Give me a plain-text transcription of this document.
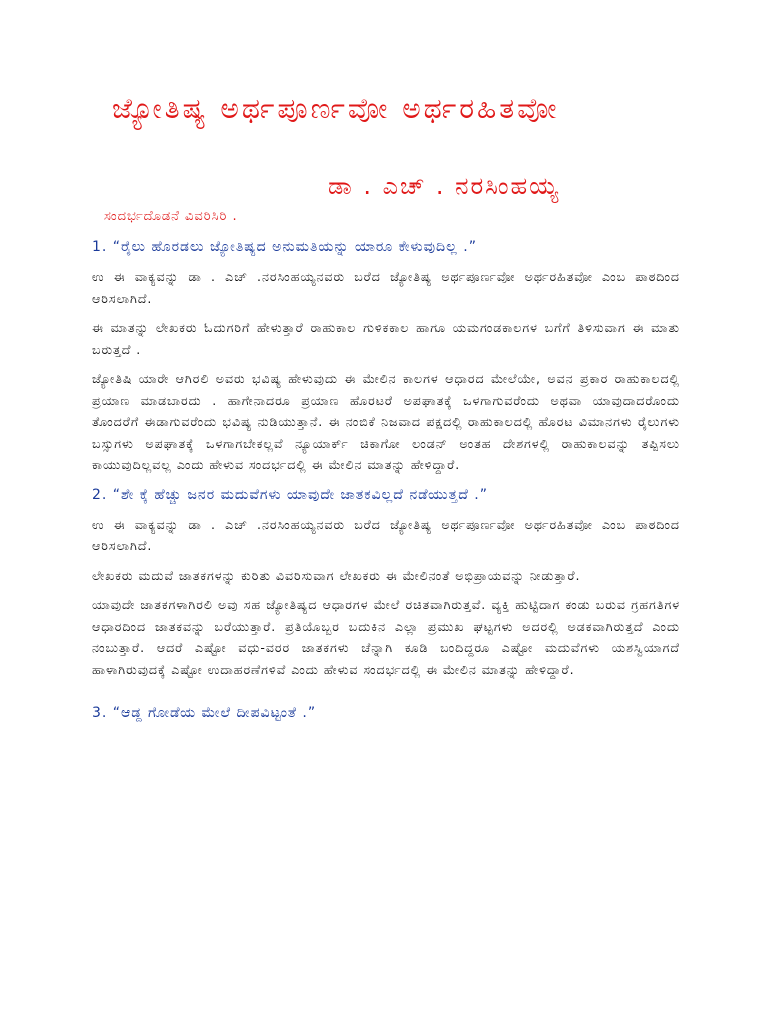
ಜ್ಯೋತಿಷ್ಯ ಅರ್ಥಪೂರ್ಣವೋ ಅರ್ಥರಹಿತವೋ
ಡಾ . ಎಚ್ . ನರಸಿಂಹಯ್ಯ
ಸಂದರ್ಭದೊಡನೆ ವಿವರಿಸಿರಿ .
1. “ರೈಲು ಹೊರಡಲು ಜ್ಯೋತಿಷ್ಯದ ಅನುಮತಿಯನ್ನು ಯಾರೂ ಕೇಳುವುದಿಲ್ಲ .”

ಉ ಈ ವಾಕ್ಯವನ್ನು ಡಾ . ಎಚ್ .ನರಸಿಂಹಯ್ಯನವರು ಬರೆದ ಜ್ಯೋತಿಷ್ಯ ಅರ್ಥಪೂರ್ಣವೋ ಅರ್ಥರಹಿತವೋ ಎಂಬ ಪಾಠದಿಂದ ಆರಿಸಲಾಗಿದೆ.

ಈ ಮಾತನ್ನು ಲೇಖಕರು ಓದುಗರಿಗೆ ಹೇಳುತ್ತಾರೆ ರಾಹುಕಾಲ ಗುಳಿಕಕಾಲ ಹಾಗೂ ಯಮಗಂಡಕಾಲಗಳ ಬಗೆಗೆ ತಿಳಿಸುವಾಗ ಈ ಮಾತು ಬರುತ್ತದೆ .

ಜ್ಯೋತಿಷಿ ಯಾರೇ ಆಗಿರಲಿ ಅವರು ಭವಿಷ್ಯ ಹೇಳುವುದು ಈ ಮೇಲಿನ ಕಾಲಗಳ ಆಧಾರದ ಮೇಲೆಯೇ, ಅವನ ಪ್ರಕಾರ ರಾಹುಕಾಲದಲ್ಲಿ ಪ್ರಯಾಣ ಮಾಡಬಾರದು . ಹಾಗೇನಾದರೂ ಪ್ರಯಾಣ ಹೊರಟರೆ ಅಪಘಾತಕ್ಕೆ ಒಳಗಾಗುವರೆಂದು ಅಥವಾ ಯಾವುದಾದರೊಂದು ತೊಂದರೆಗೆ ಈಡಾಗುವರೆಂದು ಭವಿಷ್ಯ ನುಡಿಯುತ್ತಾನೆ. ಈ ನಂಬಿಕೆ ನಿಜವಾದ ಪಕ್ಷದಲ್ಲಿ ರಾಹುಕಾಲದಲ್ಲಿ ಹೊರಟ ವಿಮಾನಗಳು ರೈಲುಗಳು ಬಸ್ಸುಗಳು ಅಪಘಾತಕ್ಕೆ ಒಳಗಾಗಬೇಕಲ್ಲವೆ ನ್ಯೂಯಾರ್ಕ್ ಚಿಕಾಗೋ ಲಂಡನ್ ಅಂತಹ ದೇಶಗಳಲ್ಲಿ ರಾಹುಕಾಲವನ್ನು ತಪ್ಪಿಸಲು ಕಾಯುವುದಿಲ್ಲವಲ್ಲ ಎಂದು ಹೇಳುವ ಸಂದರ್ಭದಲ್ಲಿ ಈ ಮೇಲಿನ ಮಾತನ್ನು ಹೇಳಿದ್ದಾರೆ.

2. “ಶೇ ಕ್ಕೆ ಹೆಚ್ಚು ಜನರ ಮದುವೆಗಳು ಯಾವುದೇ ಜಾತಕವಿಲ್ಲದೆ ನಡೆಯುತ್ತದೆ .”

ಉ ಈ ವಾಕ್ಯವನ್ನು ಡಾ . ಎಚ್ .ನರಸಿಂಹಯ್ಯನವರು ಬರೆದ ಜ್ಯೋತಿಷ್ಯ ಅರ್ಥಪೂರ್ಣವೋ ಅರ್ಥರಹಿತವೋ ಎಂಬ ಪಾಠದಿಂದ ಆರಿಸಲಾಗಿದೆ.

ಲೇಖಕರು ಮದುವೆ ಜಾತಕಗಳನ್ನು ಕುರಿತು ವಿವರಿಸುವಾಗ ಲೇಖಕರು ಈ ಮೇಲಿನಂತೆ ಅಭಿಪ್ರಾಯವನ್ನು ನೀಡುತ್ತಾರೆ.

ಯಾವುದೇ ಜಾತಕಗಳಾಗಿರಲಿ ಅವು ಸಹ ಜ್ಯೋತಿಷ್ಯದ ಆಧಾರಗಳ ಮೇಲೆ ರಚಿತವಾಗಿರುತ್ತವೆ. ವ್ಯಕ್ತಿ ಹುಟ್ಟಿದಾಗ ಕಂಡು ಬರುವ ಗ್ರಹಗತಿಗಳ ಆಧಾರದಿಂದ ಜಾತಕವನ್ನು ಬರೆಯುತ್ತಾರೆ. ಪ್ರತಿಯೊಬ್ಬರ ಬದುಕಿನ ಎಲ್ಲಾ ಪ್ರಮುಖ ಘಟ್ಟಗಳು ಅದರಲ್ಲಿ ಅಡಕವಾಗಿರುತ್ತದೆ ಎಂದು ನಂಬುತ್ತಾರೆ. ಆದರೆ ಎಷ್ಟೋ ವಧು-ವರರ ಜಾತಕಗಳು ಚೆನ್ನಾಗಿ ಕೂಡಿ ಬಂದಿದ್ದರೂ ಎಷ್ಟೋ ಮದುವೆಗಳು ಯಶಸ್ವಿಯಾಗದೆ ಹಾಳಾಗಿರುವುದಕ್ಕೆ ಎಷ್ಟೋ ಉದಾಹರಣೆಗಳಿವೆ ಎಂದು ಹೇಳುವ ಸಂದರ್ಭದಲ್ಲಿ ಈ ಮೇಲಿನ ಮಾತನ್ನು ಹೇಳಿದ್ದಾರೆ.

3. “ಆಡ್ದ ಗೋಡೆಯ ಮೇಲೆ ದೀಪವಿಟ್ಟಂತೆ .”
